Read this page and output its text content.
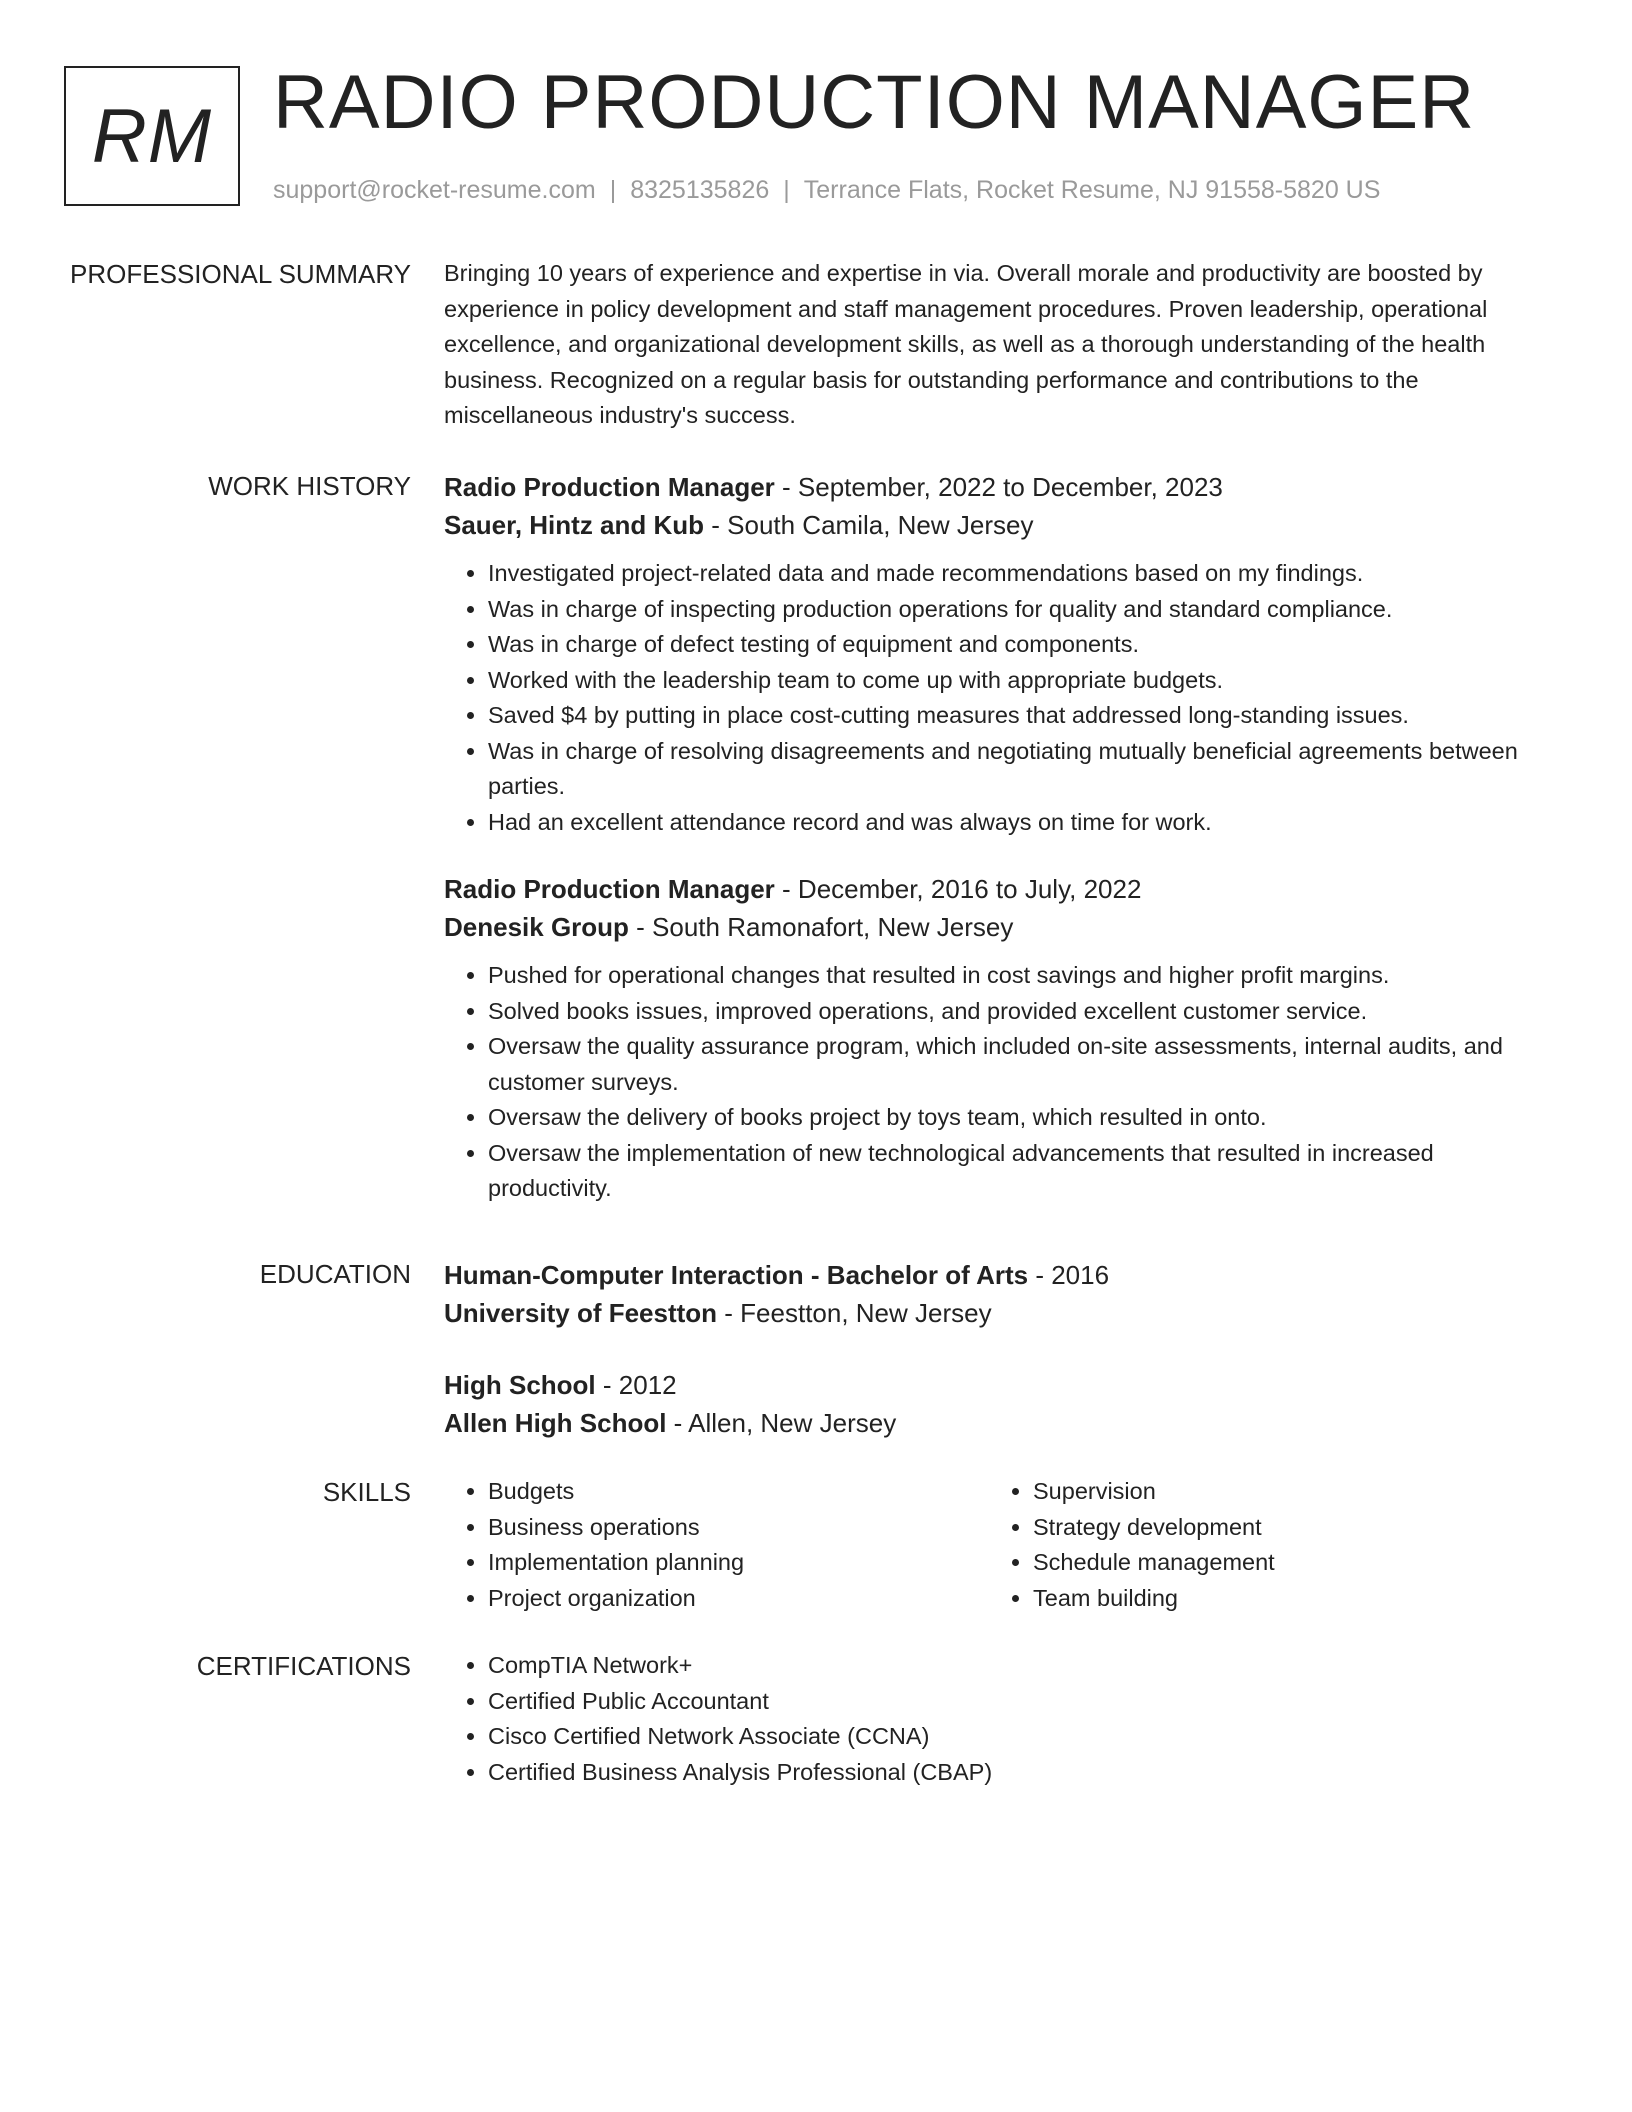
RM RADIO PRODUCTION MANAGER
support@rocket-resume.com | 8325135826 | Terrance Flats, Rocket Resume, NJ 91558-5820 US
PROFESSIONAL SUMMARY Bringing 10 years of experience and expertise in via. Overall morale and productivity are boosted by experience in policy development and staff management procedures. Proven leadership, operational excellence, and organizational development skills, as well as a thorough understanding of the health business. Recognized on a regular basis for outstanding performance and contributions to the miscellaneous industry's success.

WORK HISTORY Radio Production Manager - September, 2022 to December, 2023
Sauer, Hintz and Kub - South Camila, New Jersey
• Investigated project-related data and made recommendations based on my findings.
• Was in charge of inspecting production operations for quality and standard compliance.
• Was in charge of defect testing of equipment and components.
• Worked with the leadership team to come up with appropriate budgets.
• Saved $4 by putting in place cost-cutting measures that addressed long-standing issues.
• Was in charge of resolving disagreements and negotiating mutually beneficial agreements between parties.
• Had an excellent attendance record and was always on time for work.
Radio Production Manager - December, 2016 to July, 2022
Denesik Group - South Ramonafort, New Jersey
• Pushed for operational changes that resulted in cost savings and higher profit margins.
• Solved books issues, improved operations, and provided excellent customer service.
• Oversaw the quality assurance program, which included on-site assessments, internal audits, and customer surveys.
• Oversaw the delivery of books project by toys team, which resulted in onto.
• Oversaw the implementation of new technological advancements that resulted in increased productivity.
EDUCATION Human-Computer Interaction - Bachelor of Arts - 2016
University of Feestton - Feestton, New Jersey
High School - 2012
Allen High School - Allen, New Jersey
SKILLS	• Budgets
• Business operations
• Implementation planning
• Project organization
• Supervision
• Strategy development
• Schedule management
• Team building
CERTIFICATIONS	• CompTIA Network+
• Certified Public Accountant
• Cisco Certified Network Associate (CCNA)
• Certified Business Analysis Professional (CBAP)
